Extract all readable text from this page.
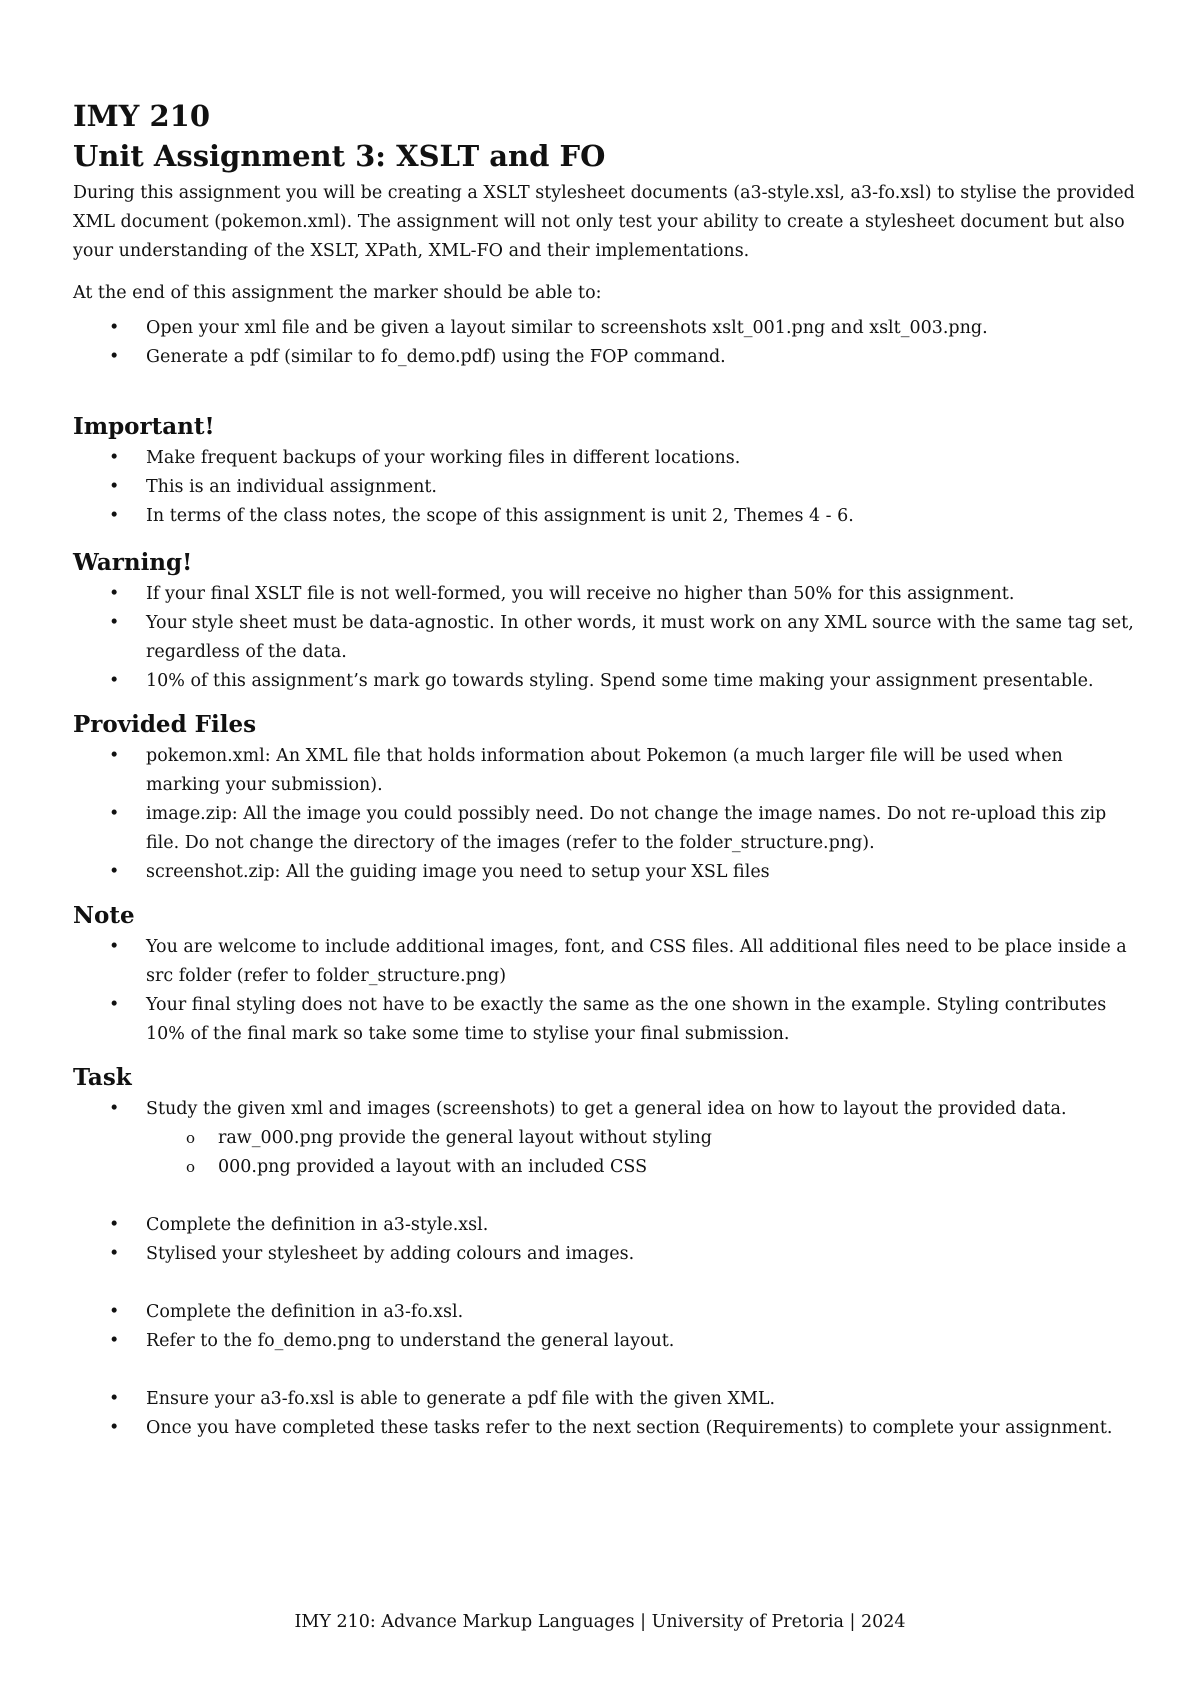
IMY 210
Unit Assignment 3: XSLT and FO

During this assignment you will be creating a XSLT stylesheet documents (a3-style.xsl, a3-fo.xsl) to stylise the provided XML document (pokemon.xml). The assignment will not only test your ability to create a stylesheet document but also your understanding of the XSLT, XPath, XML-FO and their implementations.

At the end of this assignment the marker should be able to:

• Open your xml file and be given a layout similar to screenshots xslt_001.png and xslt_003.png.
• Generate a pdf (similar to fo_demo.pdf) using the FOP command.
Important!
• Make frequent backups of your working files in different locations.
• This is an individual assignment.
• In terms of the class notes, the scope of this assignment is unit 2, Themes 4 - 6.
Warning!
• If your final XSLT file is not well-formed, you will receive no higher than 50% for this assignment.
• Your style sheet must be data-agnostic. In other words, it must work on any XML source with the same tag set, regardless of the data.
• 10% of this assignment’s mark go towards styling. Spend some time making your assignment presentable.
Provided Files
• pokemon.xml: An XML file that holds information about Pokemon (a much larger file will be used when marking your submission).
• image.zip: All the image you could possibly need. Do not change the image names. Do not re-upload this zip file. Do not change the directory of the images (refer to the folder_structure.png).
• screenshot.zip: All the guiding image you need to setup your XSL files
Note
• You are welcome to include additional images, font, and CSS files. All additional files need to be place inside a src folder (refer to folder_structure.png)
• Your final styling does not have to be exactly the same as the one shown in the example. Styling contributes 10% of the final mark so take some time to stylise your final submission.
Task
• Study the given xml and images (screenshots) to get a general idea on how to layout the provided data.
o raw_000.png provide the general layout without styling
o 000.png provided a layout with an included CSS
• Complete the definition in a3-style.xsl.
• Stylised your stylesheet by adding colours and images.
• Complete the definition in a3-fo.xsl.
• Refer to the fo_demo.png to understand the general layout.
• Ensure your a3-fo.xsl is able to generate a pdf file with the given XML.
• Once you have completed these tasks refer to the next section (Requirements) to complete your assignment.
IMY 210: Advance Markup Languages | University of Pretoria | 2024
